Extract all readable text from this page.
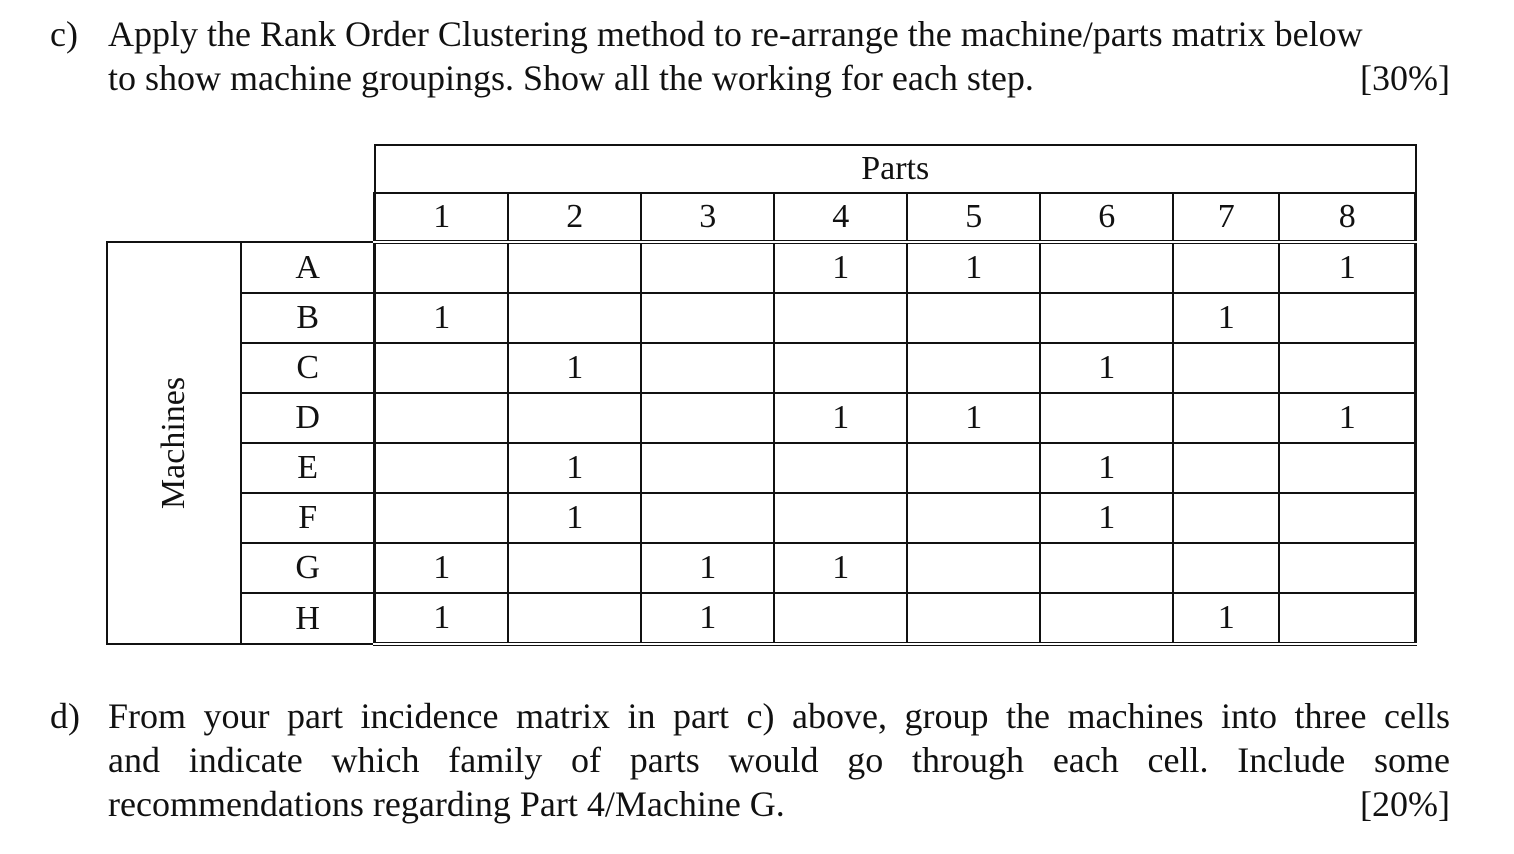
c) Apply the Rank Order Clustering method to re-arrange the machine/parts matrix below
to show machine groupings. Show all the working for each step.	[30%]
		Parts							
		1	2	3	4	5	6	7	8
Machines	A				1	1			1
	B	1						1	
	C		1				1		
	D				1	1			1
	E		1				1		
	F		1				1		
	G	1		1	1				
	H	1		1				1	
d) From your part incidence matrix in part c) above, group the machines into three cells
and indicate which family of parts would go through each cell. Include some
recommendations regarding Part 4/Machine G.	[20%]
